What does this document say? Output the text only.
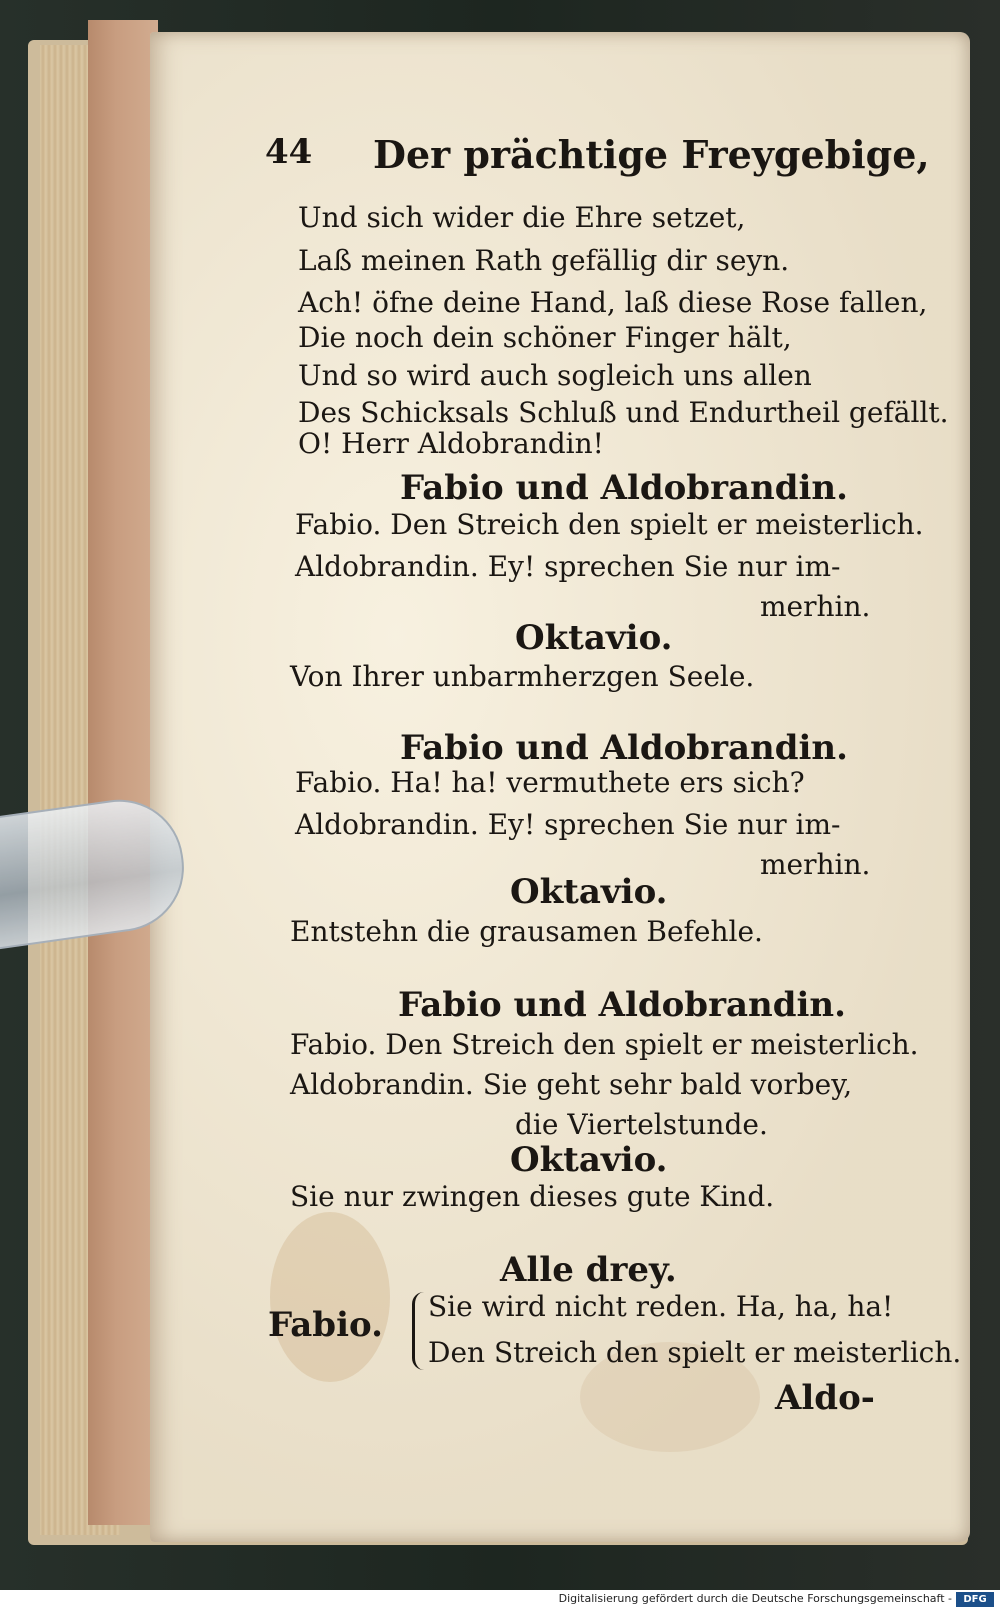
44	Der prächtige Freygebige,
Und sich wider die Ehre setzet,
Laß meinen Rath gefällig dir seyn.
Ach! öfne deine Hand, laß diese Rose fallen,
Die noch dein schöner Finger hält,
Und so wird auch sogleich uns allen
Des Schicksals Schluß und Endurtheil gefällt.
O! Herr Aldobrandin!
Fabio und Aldobrandin.
Fabio. Den Streich den spielt er meisterlich.
Aldobrandin. Ey! sprechen Sie nur im-
merhin.
Oktavio.
Von Ihrer unbarmherzgen Seele.
Fabio und Aldobrandin.
Fabio. Ha! ha! vermuthete ers sich?
Aldobrandin. Ey! sprechen Sie nur im-
merhin.
Oktavio.
Entstehn die grausamen Befehle.
Fabio und Aldobrandin.
Fabio. Den Streich den spielt er meisterlich.
Aldobrandin. Sie geht sehr bald vorbey,
die Viertelstunde.
Oktavio.
Sie nur zwingen dieses gute Kind.
Alle drey.
Fabio. Sie wird nicht reden. Ha, ha, ha!
Den Streich den spielt er meisterlich.
Aldo-
Digitalisierung gefördert durch die Deutsche Forschungsgemeinschaft -	DFG
